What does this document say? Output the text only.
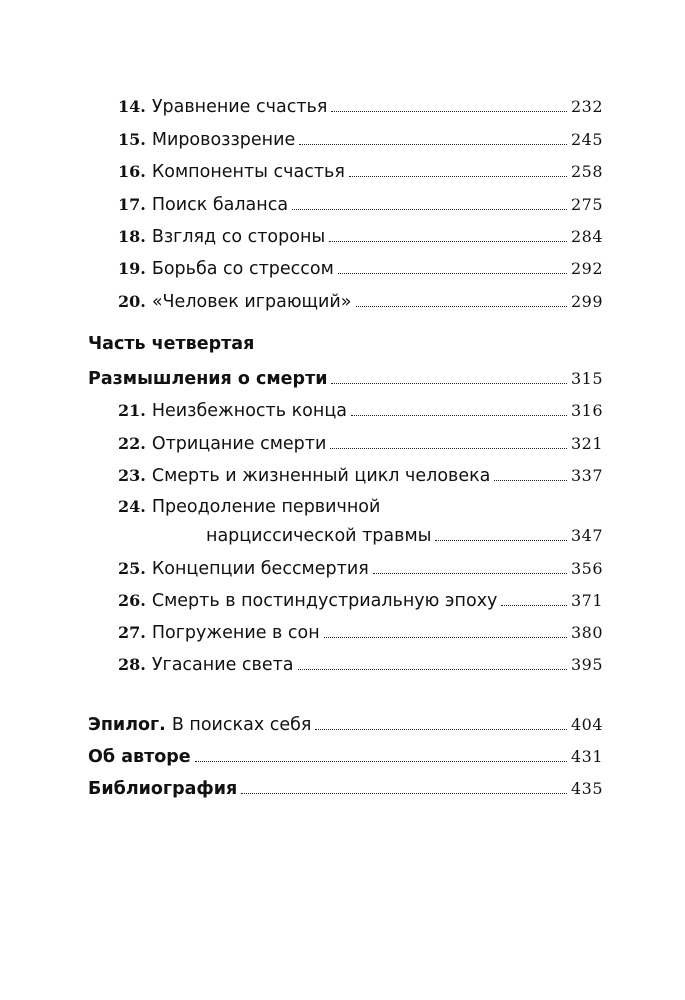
14. Уравнение счастья	232
15. Мировоззрение	245
16. Компоненты счастья	258
17. Поиск баланса	275
18. Взгляд со стороны	284
19. Борьба со стрессом	292
20. «Человек играющий»	299
Часть четвертая
Размышления о смерти	315
21. Неизбежность конца	316
22. Отрицание смерти	321
23. Смерть и жизненный цикл человека	337
24. Преодоление первичной
нарциссической травмы	347
25. Концепции бессмертия	356
26. Смерть в постиндустриальную эпоху	371
27. Погружение в сон	380
28. Угасание света	395
Эпилог. В поисках себя	404
Об авторе	431
Библиография	435
